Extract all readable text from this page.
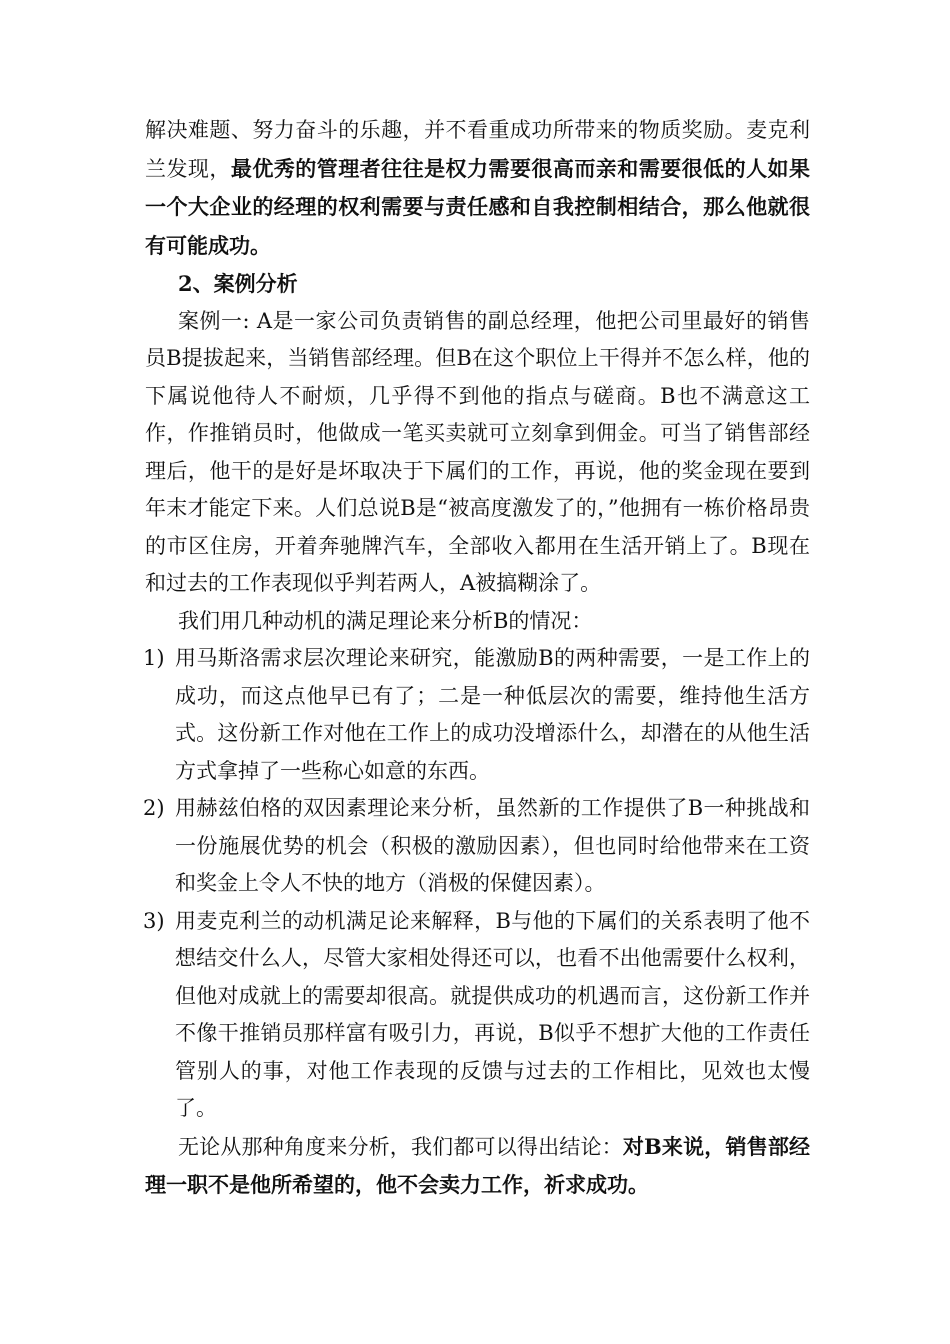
解决难题、努力奋斗的乐趣，并不看重成功所带来的物质奖励。麦克利兰发现，最优秀的管理者往往是权力需要很高而亲和需要很低的人如果一个大企业的经理的权利需要与责任感和自我控制相结合，那么他就很有可能成功。

2、案例分析

案例一: A是一家公司负责销售的副总经理，他把公司里最好的销售员B提拔起来，当销售部经理。但B在这个职位上干得并不怎么样，他的下属说他待人不耐烦，几乎得不到他的指点与磋商。B也不满意这工作，作推销员时，他做成一笔买卖就可立刻拿到佣金。可当了销售部经理后，他干的是好是坏取决于下属们的工作，再说，他的奖金现在要到年末才能定下来。人们总说B是“被高度激发了的，”他拥有一栋价格昂贵的市区住房，开着奔驰牌汽车，全部收入都用在生活开销上了。B现在和过去的工作表现似乎判若两人，A被搞糊涂了。

我们用几种动机的满足理论来分析B的情况：

1) 用马斯洛需求层次理论来研究，能激励B的两种需要，一是工作上的成功，而这点他早已有了；二是一种低层次的需要，维持他生活方式。这份新工作对他在工作上的成功没增添什么，却潜在的从他生活方式拿掉了一些称心如意的东西。
2) 用赫兹伯格的双因素理论来分析，虽然新的工作提供了B一种挑战和一份施展优势的机会（积极的激励因素），但也同时给他带来在工资和奖金上令人不快的地方（消极的保健因素）。
3) 用麦克利兰的动机满足论来解释，B与他的下属们的关系表明了他不想结交什么人，尽管大家相处得还可以，也看不出他需要什么权利，但他对成就上的需要却很高。就提供成功的机遇而言，这份新工作并不像干推销员那样富有吸引力，再说，B似乎不想扩大他的工作责任管别人的事，对他工作表现的反馈与过去的工作相比，见效也太慢了。

无论从那种角度来分析，我们都可以得出结论：对B来说，销售部经理一职不是他所希望的，他不会卖力工作，祈求成功。
